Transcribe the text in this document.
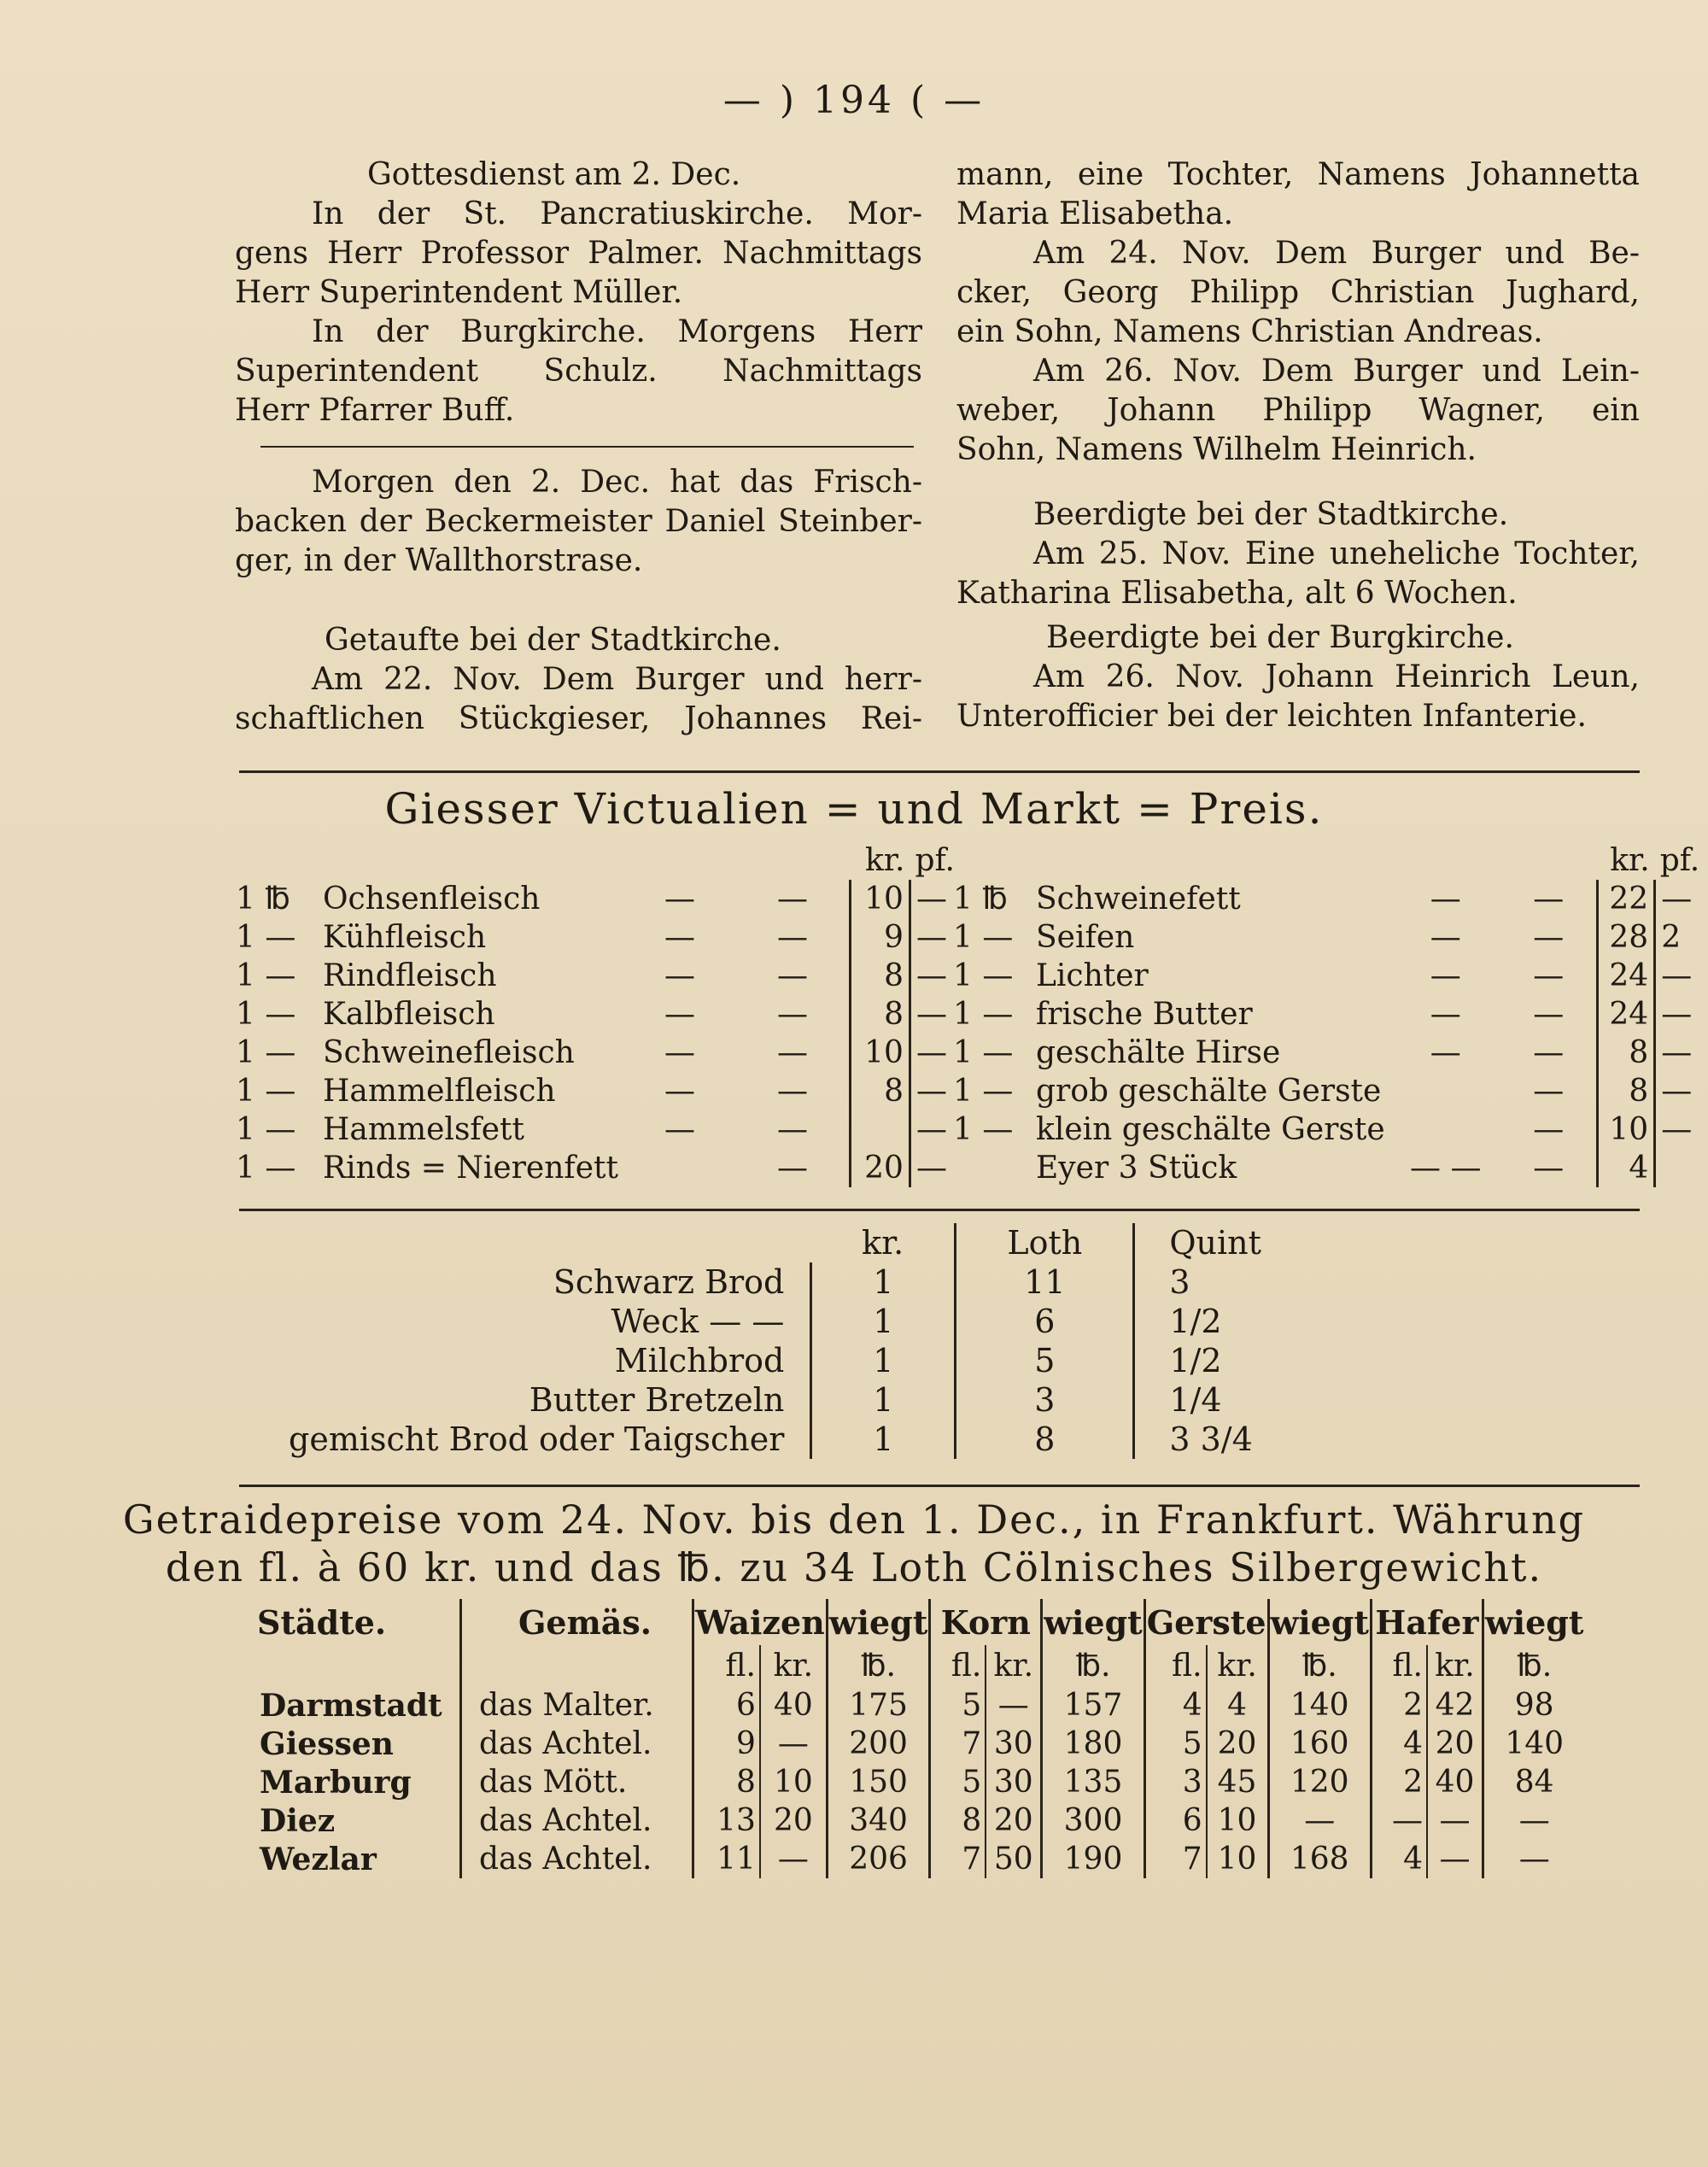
— ) 194 ( —

Gottesdienst am 2. Dec.

In der St. Pancratiuskirche. Mor-

gens Herr Professor Palmer. Nachmittags

Herr Superintendent Müller.

In der Burgkirche. Morgens Herr

Superintendent Schulz. Nachmittags

Herr Pfarrer Buff.

Morgen den 2. Dec. hat das Frisch-

backen der Beckermeister Daniel Steinber-

ger, in der Wallthorstrase.

Getaufte bei der Stadtkirche.

Am 22. Nov. Dem Burger und herr-

schaftlichen Stückgieser, Johannes Rei-

mann, eine Tochter, Namens Johannetta

Maria Elisabetha.

Am 24. Nov. Dem Burger und Be-

cker, Georg Philipp Christian Jughard,

ein Sohn, Namens Christian Andreas.

Am 26. Nov. Dem Burger und Lein-

weber, Johann Philipp Wagner, ein

Sohn, Namens Wilhelm Heinrich.

Beerdigte bei der Stadtkirche.

Am 25. Nov. Eine uneheliche Tochter,

Katharina Elisabetha, alt 6 Wochen.

Beerdigte bei der Burgkirche.

Am 26. Nov. Johann Heinrich Leun,

Unterofficier bei der leichten Infanterie.

Giesser Victualien = und Markt = Preis.
				kr.	pf.
1 ℔	Ochsenfleisch	—	—	10	—
1 —	Kühfleisch	—	—	9	—
1 —	Rindfleisch	—	—	8	—
1 —	Kalbfleisch	—	—	8	—
1 —	Schweinefleisch	—	—	10	—
1 —	Hammelfleisch	—	—	8	—
1 —	Hammelsfett	—	—		—
1 —	Rinds = Nierenfett		—	20	—
				kr.	pf.
1 ℔	Schweinefett	—	—	22	—
1 —	Seifen	—	—	28	2
1 —	Lichter	—	—	24	—
1 —	frische Butter	—	—	24	—
1 —	geschälte Hirse	—	—	8	—
1 —	grob geschälte Gerste		—	8	—
1 —	klein geschälte Gerste		—	10	—
	Eyer 3 Stück	— —	—	4	
	kr.	Loth	Quint
Schwarz Brod	1	11	3
Weck — —	1	6	1/2
Milchbrod	1	5	1/2
Butter Bretzeln	1	3	1/4
gemischt Brod oder Taigscher	1	8	3 3/4
Getraidepreise vom 24. Nov. bis den 1. Dec., in Frankfurt. Währung
den fl. à 60 kr. und das ℔. zu 34 Loth Cölnisches Silbergewicht.
Städte.	Gemäs.	Waizen		wiegt	Korn		wiegt	Gerste		wiegt	Hafer		wiegt
		fl.	kr.	℔.	fl.	kr.	℔.	fl.	kr.	℔.	fl.	kr.	℔.
Darmstadt	das Malter.	6	40	175	5	—	157	4	4	140	2	42	98
Giessen	das Achtel.	9	—	200	7	30	180	5	20	160	4	20	140
Marburg	das Mött.	8	10	150	5	30	135	3	45	120	2	40	84
Diez	das Achtel.	13	20	340	8	20	300	6	10	—	—	—	—
Wezlar	das Achtel.	11	—	206	7	50	190	7	10	168	4	—	—
